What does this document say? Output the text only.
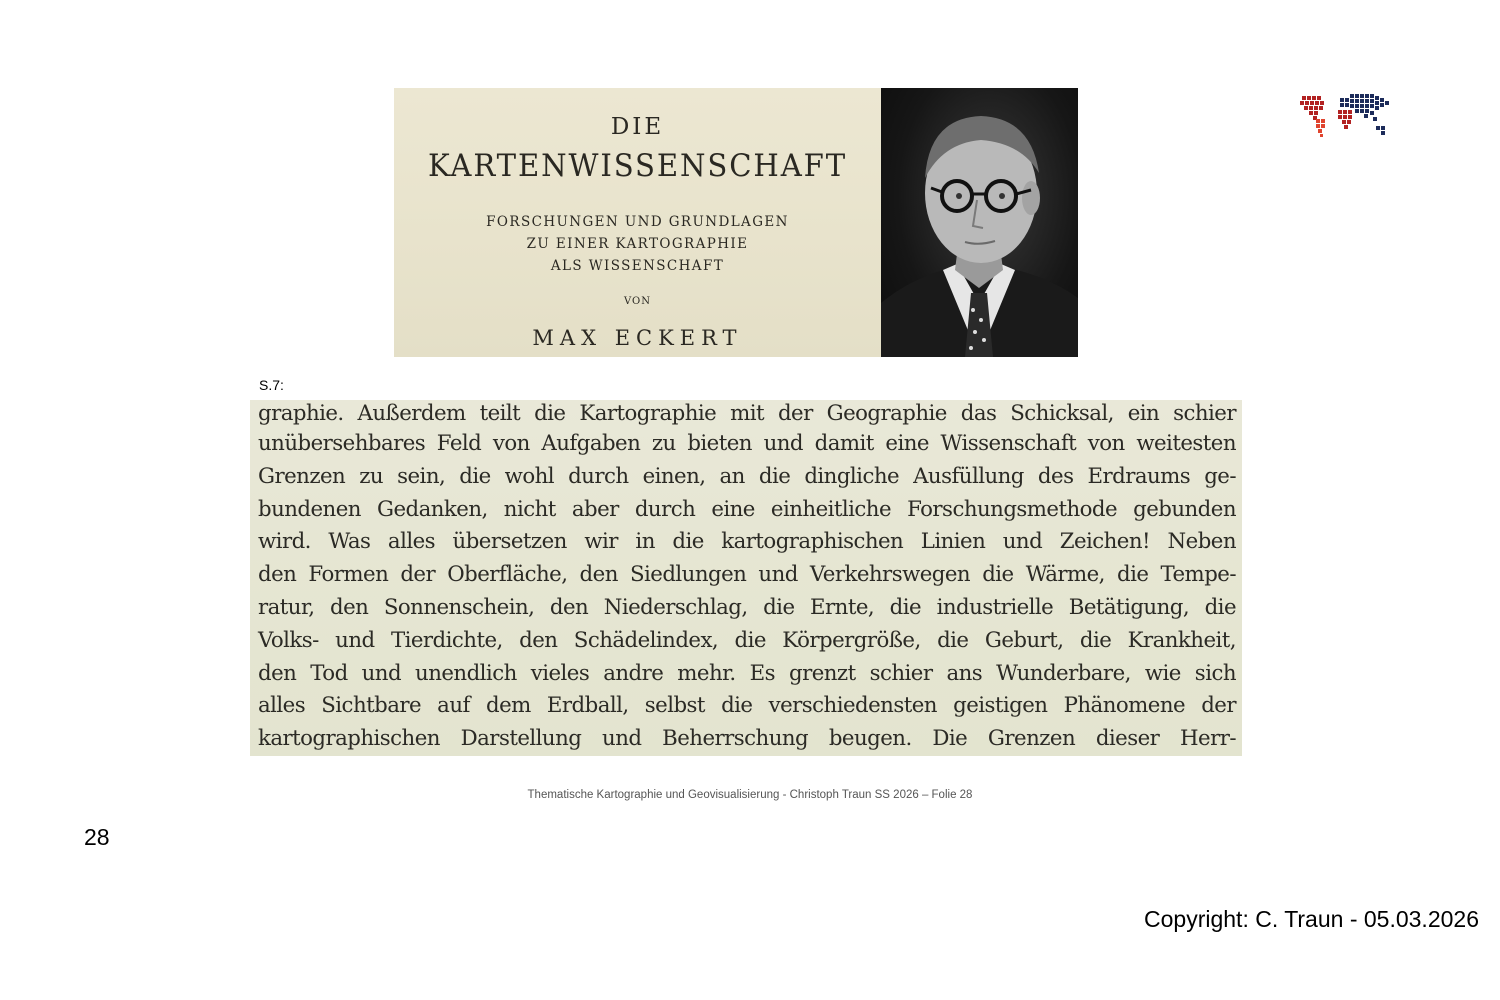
DIE
KARTENWISSENSCHAFT
FORSCHUNGEN UND GRUNDLAGEN
ZU EINER KARTOGRAPHIE
ALS WISSENSCHAFT
VON
MAX ECKERT
S.7:
graphie. Außerdem teilt die Kartographie mit der Geographie das Schicksal, ein schier
unübersehbares Feld von Aufgaben zu bieten und damit eine Wissenschaft von weitesten
Grenzen zu sein, die wohl durch einen, an die dingliche Ausfüllung des Erdraums ge-
bundenen Gedanken, nicht aber durch eine einheitliche Forschungsmethode gebunden
wird. Was alles übersetzen wir in die kartographischen Linien und Zeichen! Neben
den Formen der Oberfläche, den Siedlungen und Verkehrswegen die Wärme, die Tempe-
ratur, den Sonnenschein, den Niederschlag, die Ernte, die industrielle Betätigung, die
Volks- und Tierdichte, den Schädelindex, die Körpergröße, die Geburt, die Krankheit,
den Tod und unendlich vieles andre mehr. Es grenzt schier ans Wunderbare, wie sich
alles Sichtbare auf dem Erdball, selbst die verschiedensten geistigen Phänomene der
kartographischen Darstellung und Beherrschung beugen. Die Grenzen dieser Herr-
Thematische Kartographie und Geovisualisierung - Christoph Traun SS 2026 – Folie 28
28
Copyright: C. Traun - 05.03.2026
